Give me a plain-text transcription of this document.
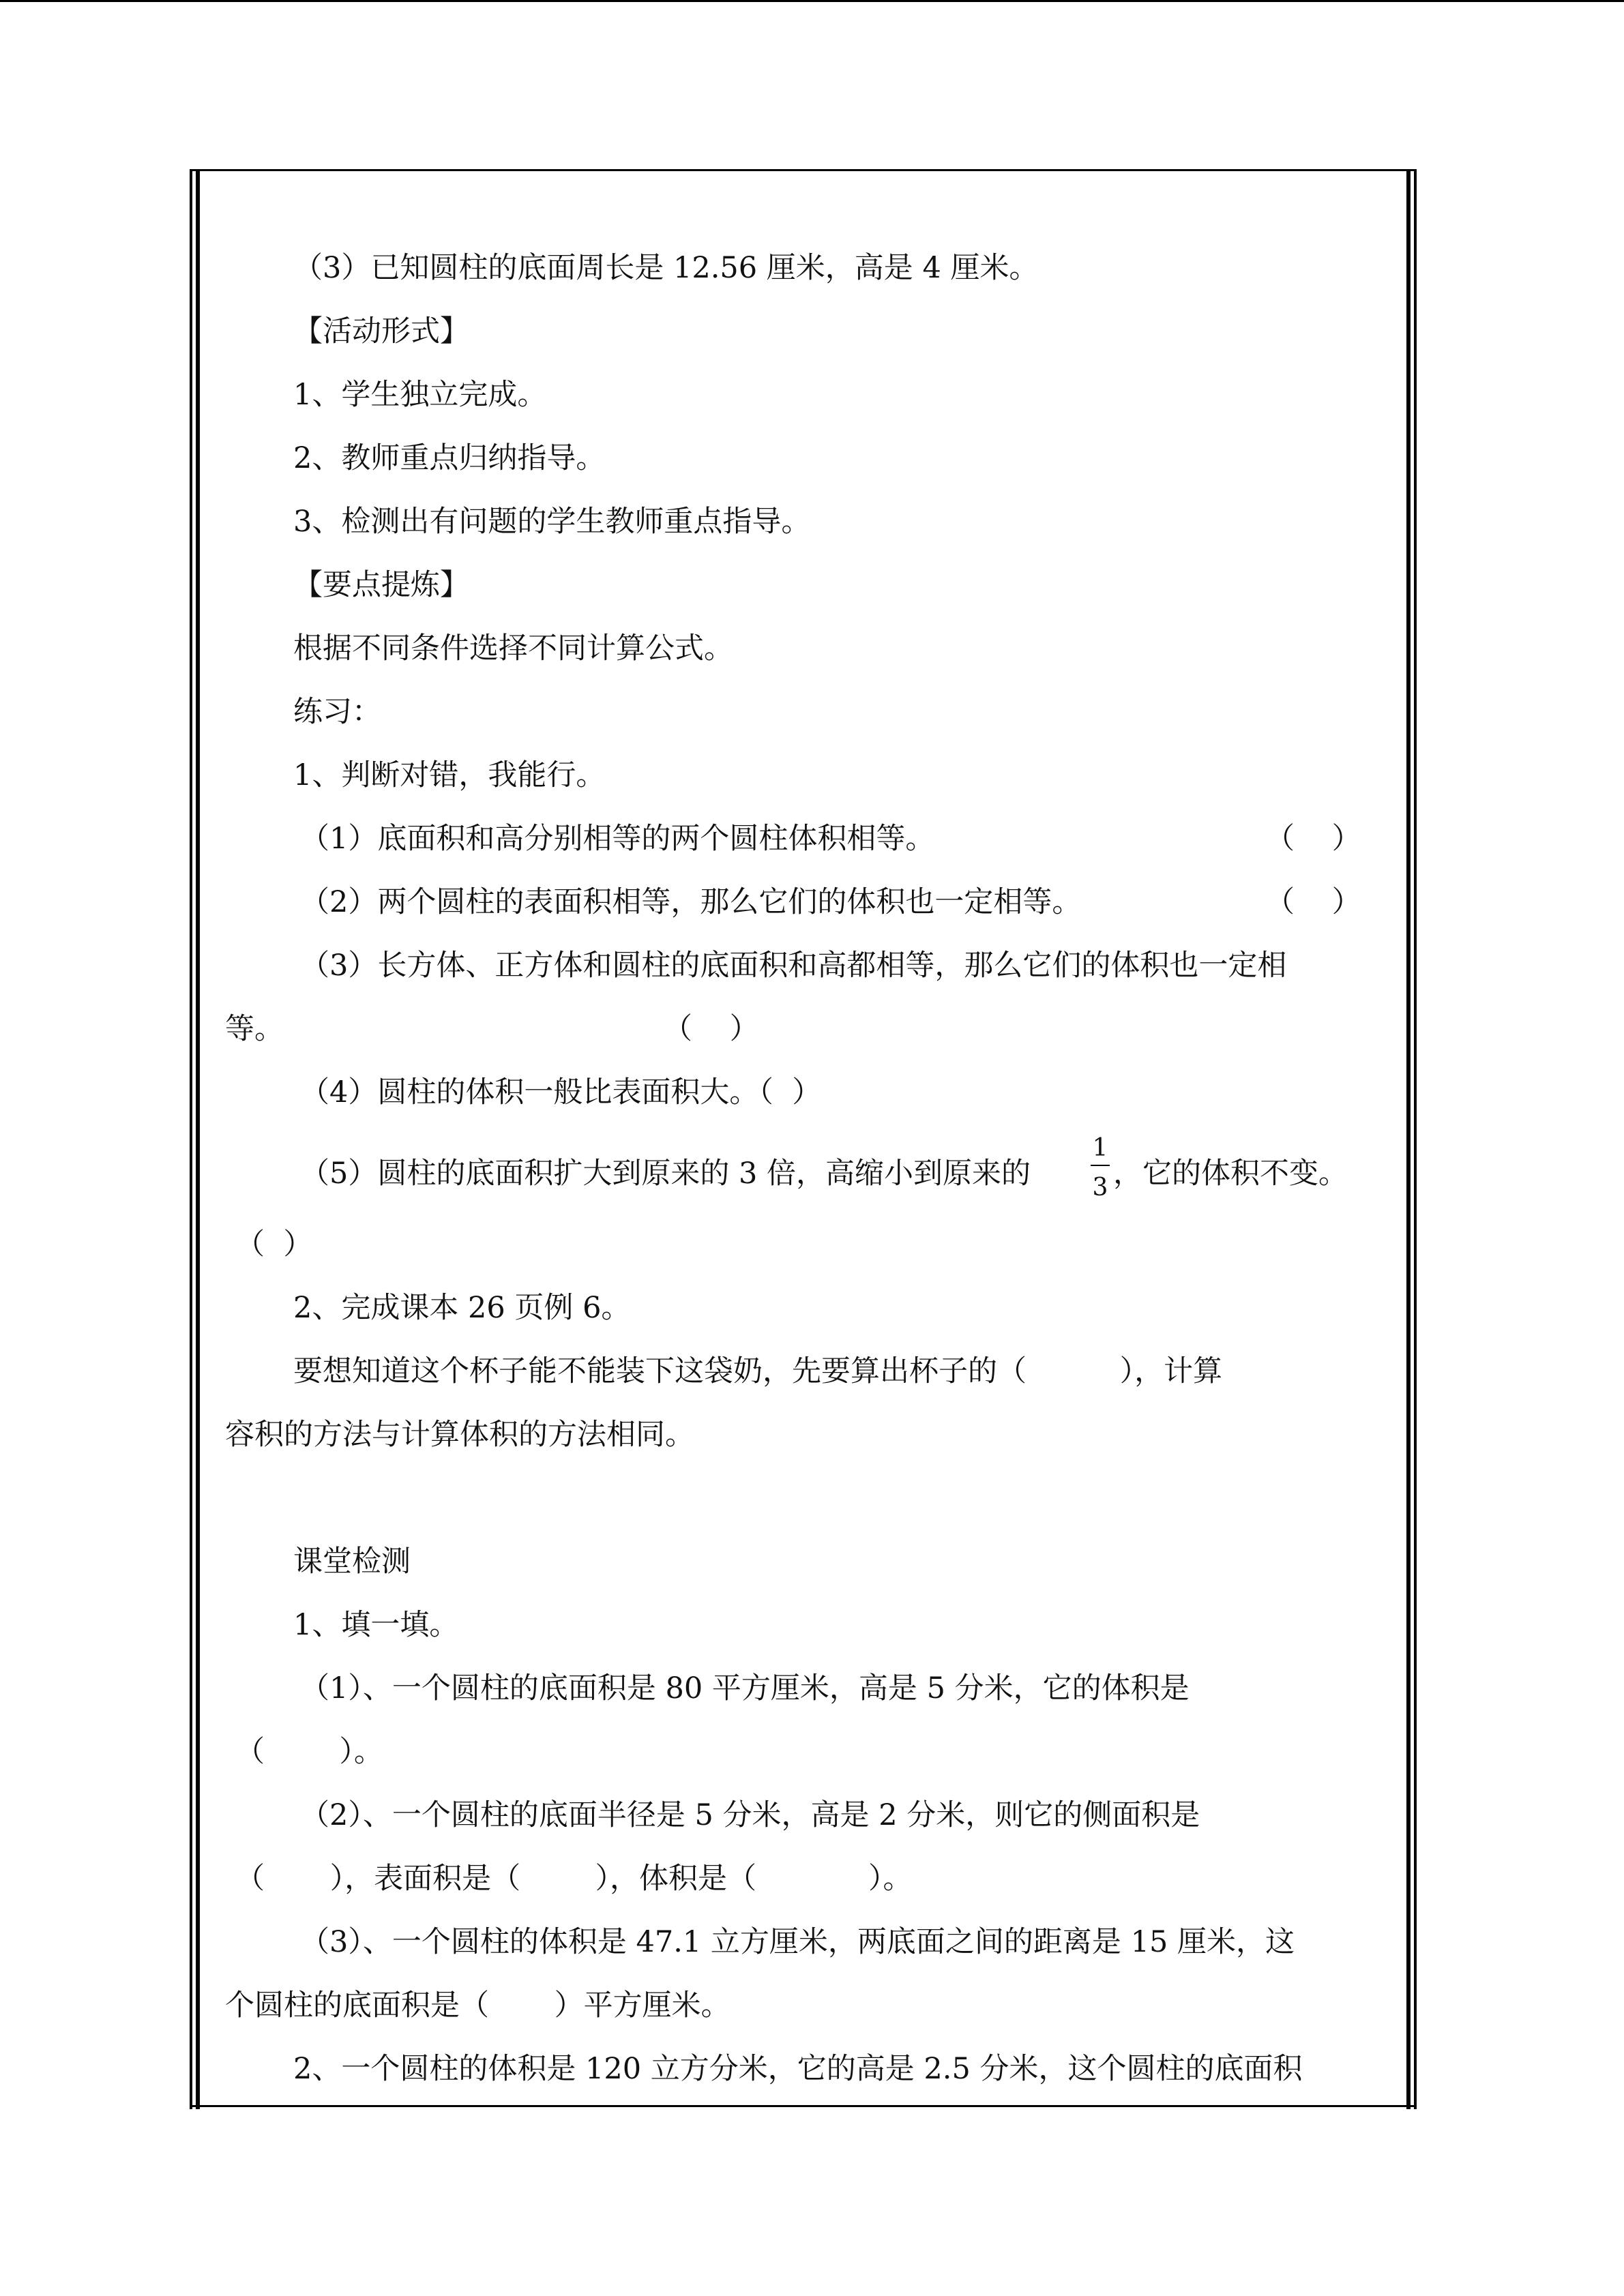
（3）已知圆柱的底面周长是 12.56 厘米，高是 4 厘米。

【活动形式】

1、学生独立完成。

2、教师重点归纳指导。

3、检测出有问题的学生教师重点指导。

【要点提炼】

根据不同条件选择不同计算公式。

练习：

1、判断对错，我能行。

（1）底面积和高分别相等的两个圆柱体积相等。	（    ）

（2）两个圆柱的表面积相等，那么它们的体积也一定相等。	（    ）

（3）长方体、正方体和圆柱的底面积和高都相等，那么它们的体积也一定相

等。	（    ）

（4）圆柱的体积一般比表面积大。（  ）

（5）圆柱的底面积扩大到原来的 3 倍，高缩小到原来的

1
3 ，它的体积不变。

（  ）

2、完成课本 26 页例 6。

要想知道这个杯子能不能装下这袋奶，先要算出杯子的（          ），计算

容积的方法与计算体积的方法相同。

课堂检测

1、填一填。

（1）、一个圆柱的底面积是 80 平方厘米，高是 5 分米，它的体积是

（        ）。

（2）、一个圆柱的底面半径是 5 分米，高是 2 分米，则它的侧面积是

（       ），表面积是（        ），体积是（            ）。

（3）、一个圆柱的体积是 47.1 立方厘米，两底面之间的距离是 15 厘米，这

个圆柱的底面积是（       ）平方厘米。

2、一个圆柱的体积是 120 立方分米，它的高是 2.5 分米，这个圆柱的底面积
